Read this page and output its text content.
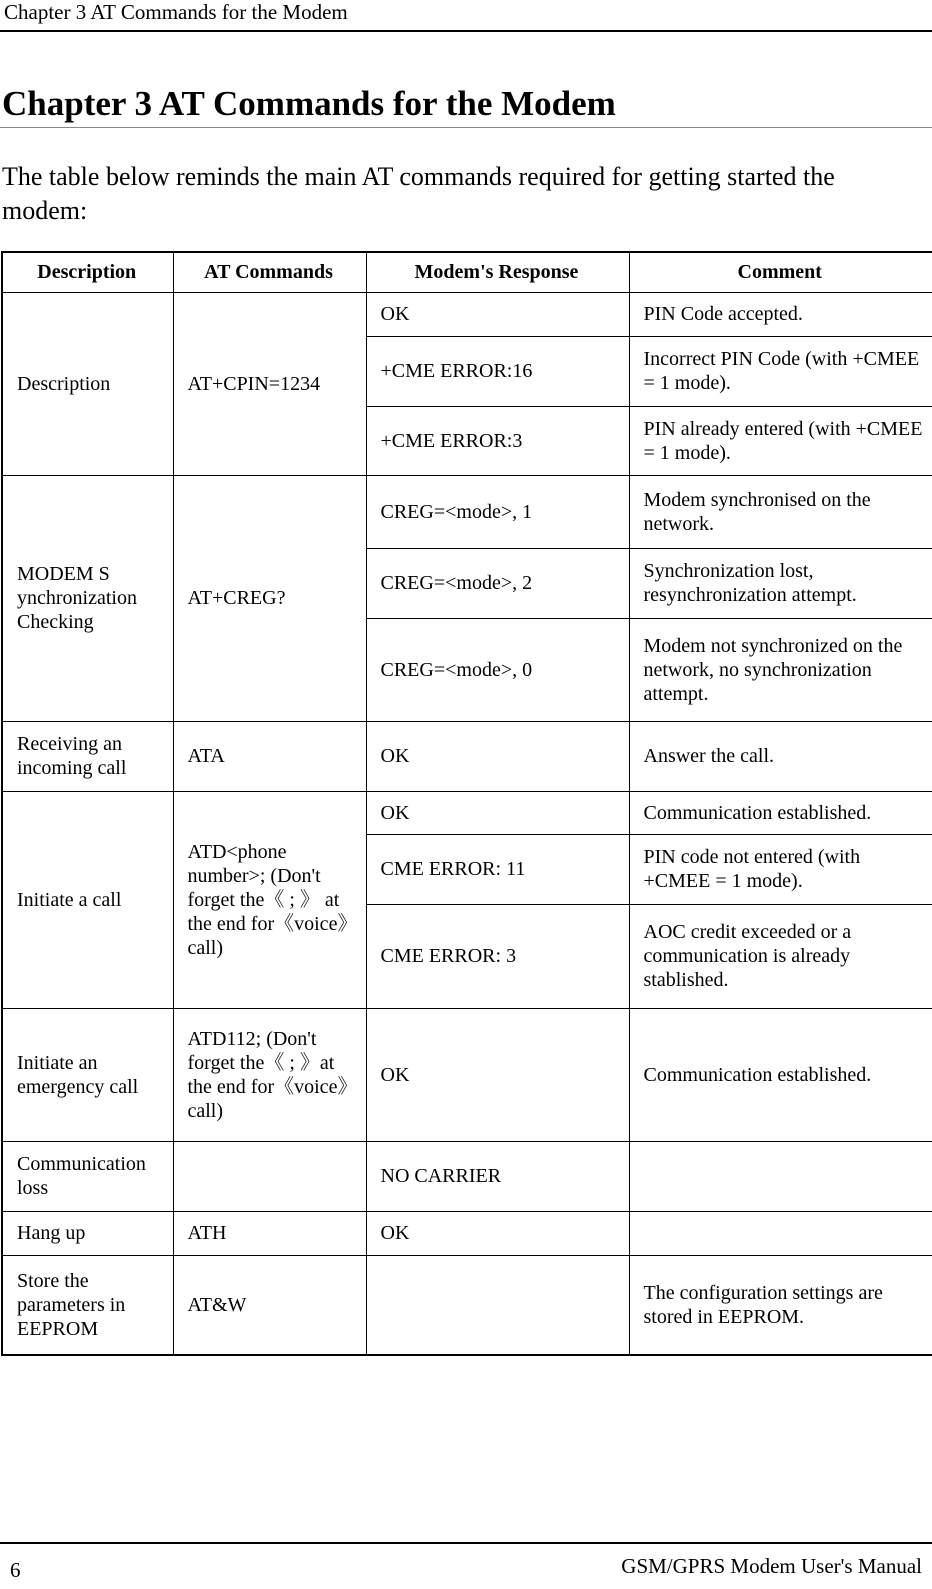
Chapter 3 AT Commands for the Modem
Chapter 3 AT Commands for the Modem

The table below reminds the main AT commands required for getting started the modem:

Description	AT Commands	Modem's Response	Comment
Description	AT+CPIN=1234	OK	PIN Code accepted.
		+CME ERROR:16	Incorrect PIN Code (with +CMEE = 1 mode).
		+CME ERROR:3	PIN already entered (with +CMEE = 1 mode).
MODEM S ynchronization Checking	AT+CREG?	CREG=<mode>, 1	Modem synchronised on the network.
		CREG=<mode>, 2	Synchronization lost, resynchronization attempt.
		CREG=<mode>, 0	Modem not synchronized on the network, no synchronization attempt.
Receiving an incoming call	ATA	OK	Answer the call.
Initiate a call	ATD<phone number>; (Don't forget the《 ; 》 at the end for《voice》call)	OK	Communication established.
		CME ERROR: 11	PIN code not entered (with +CMEE = 1 mode).
		CME ERROR: 3	AOC credit exceeded or a communication is already stablished.
Initiate an emergency call	ATD112; (Don't forget the《 ; 》at the end for《voice》 call)	OK	Communication established.
Communication loss		NO CARRIER	
Hang up	ATH	OK	
Store the parameters in EEPROM	AT&W		The configuration settings are stored in EEPROM.
6	GSM/GPRS Modem User's Manual
